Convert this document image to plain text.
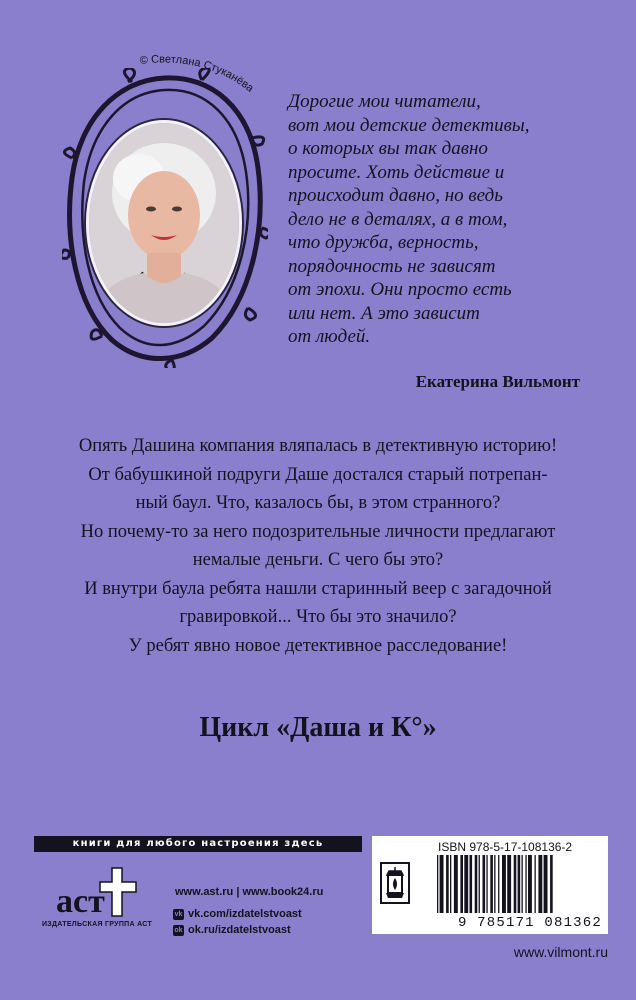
© Светлана Стуканёва
Дорогие мои читатели,
вот мои детские детективы,
о которых вы так давно
просите. Хоть действие и
происходит давно, но ведь
дело не в деталях, а в том,
что дружба, верность,
порядочность не зависят
от эпохи. Они просто есть
или нет. А это зависит
от людей.
Екатерина Вильмонт
Опять Дашина компания вляпалась в детективную историю!
От бабушкиной подруги Даше достался старый потрепан-
ный баул. Что, казалось бы, в этом странного?
Но почему-то за него подозрительные личности предлагают
немалые деньги. С чего бы это?
И внутри баула ребята нашли старинный веер с загадочной
гравировкой... Что бы это значило?
У ребят явно новое детективное расследование!
Цикл «Даша и К°»
книги для любого настроения здесь
аст
ИЗДАТЕЛЬСКАЯ ГРУППА АСТ
www.ast.ru | www.book24.ru
vk vk.com/izdatelstvoast
ok ok.ru/izdatelstvoast
ISBN 978-5-17-108136-2
9 785171 081362
www.vilmont.ru
